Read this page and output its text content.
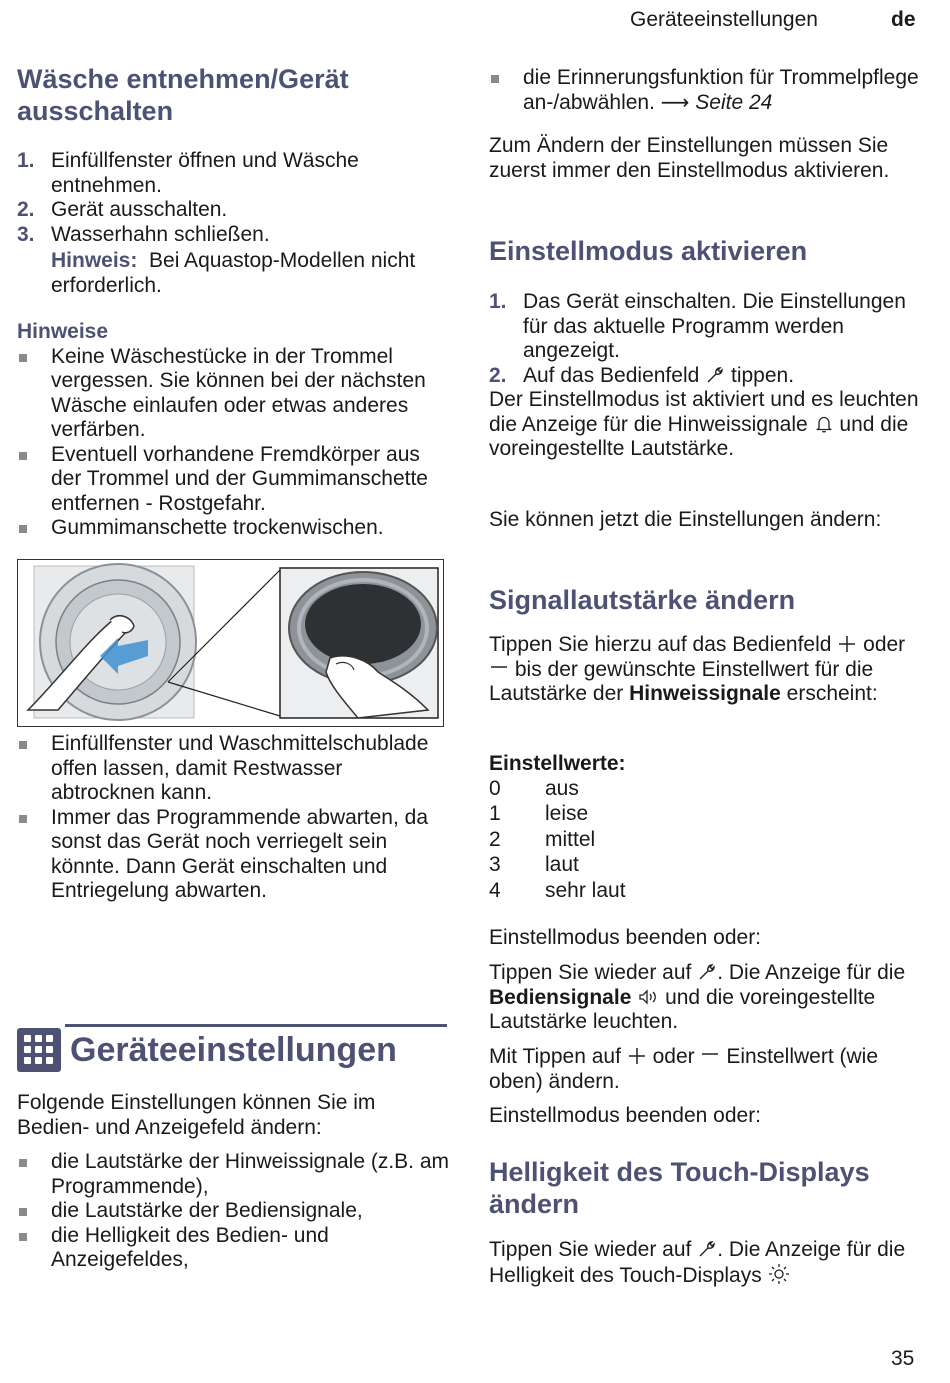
Geräteeinstellungen	de
Wäsche entnehmen/Gerät ausschalten
1. Einfüllfenster öffnen und Wäsche entnehmen.
2. Gerät ausschalten.
3. Wasserhahn schließen.
Hinweis: Bei Aquastop-Modellen nicht erforderlich.
Hinweise
Keine Wäschestücke in der Trommel vergessen. Sie können bei der nächsten Wäsche einlaufen oder etwas anderes verfärben.
Eventuell vorhandene Fremdkörper aus der Trommel und der Gummimanschette entfernen - Rostgefahr.
Gummimanschette trockenwischen.
Einfüllfenster und Waschmittelschublade offen lassen, damit Restwasser abtrocknen kann.
Immer das Programmende abwarten, da sonst das Gerät noch verriegelt sein könnte. Dann Gerät einschalten und Entriegelung abwarten.
Folgende Einstellungen können Sie im Bedien- und Anzeigefeld ändern:
die Lautstärke der Hinweissignale (z.B. am Programmende),
die Lautstärke der Bediensignale,
die Helligkeit des Bedien- und Anzeigefeldes,
Geräteeinstellungen
die Erinnerungsfunktion für Trommelpflege an-/abwählen. ⟶ Seite 24

Zum Ändern der Einstellungen müssen Sie zuerst immer den Einstellmodus aktivieren.

Einstellmodus aktivieren
1. Das Gerät einschalten. Die Einstellungen für das aktuelle Programm werden angezeigt.
2. Auf das Bedienfeld tippen.
Der Einstellmodus ist aktiviert und es leuchten die Anzeige für die Hinweissignale und die voreingestellte Lautstärke.

Sie können jetzt die Einstellungen ändern:

Signallautstärke ändern

Tippen Sie hierzu auf das Bedienfeld oder  bis der gewünschte Einstellwert für die Lautstärke der Hinweissignale erscheint:

Einstellwerte:
0	aus
1	leise
2	mittel
3	laut
4	sehr laut

Einstellmodus beenden oder:

Tippen Sie wieder auf . Die Anzeige für die Bediensignale und die voreingestellte Lautstärke leuchten.

Mit Tippen auf oder Einstellwert (wie oben) ändern.

Einstellmodus beenden oder:

Helligkeit des Touch-Displays ändern

Tippen Sie wieder auf . Die Anzeige für die Helligkeit des Touch-Displays

35
